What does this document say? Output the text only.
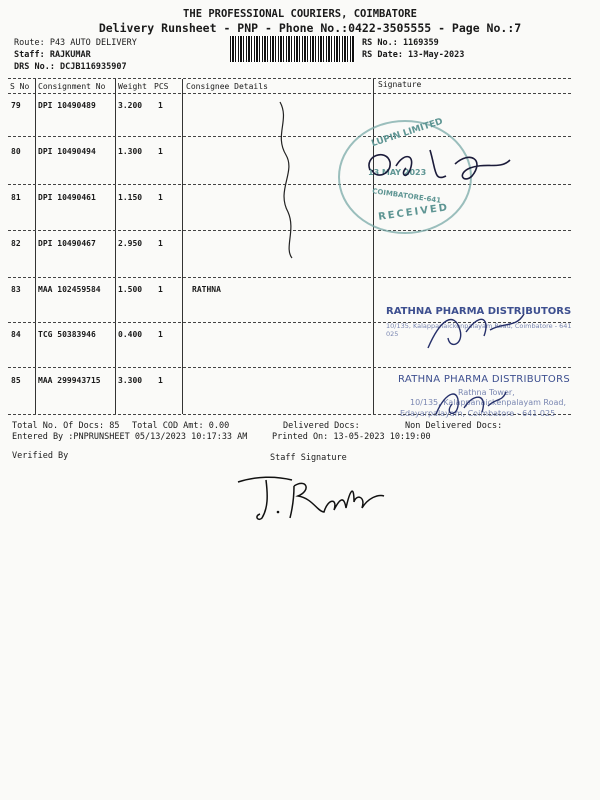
THE PROFESSIONAL COURIERS, COIMBATORE
Delivery Runsheet - PNP - Phone No.:0422-3505555 - Page No.:7
Route: P43 AUTO DELIVERY
Staff: RAJKUMAR
DRS No.: DCJB116935907
RS No.: 1169359
RS Date: 13-May-2023
S No Consignment No Weight PCS Consignee Details	Signature
79 DPI 10490489	3.200 1
80 DPI 10490494	1.300 1
81 DPI 10490461	1.150 1
82 DPI 10490467	2.950 1
83 MAA 102459584 1.500 1	RATHNA
84 TCG 50383946	0.400 1
85 MAA 299943715 3.300 1
LUPIN LIMITED
13 MAY 2023
COIMBATORE-641
RECEIVED
RATHNA PHARMA DISTRIBUTORS
10/135, Kalappanaickenpalayam Road, Coimbatore - 641 025
RATHNA PHARMA DISTRIBUTORS
Rathna Tower,
10/135, Kalappanaickenpalayam Road,
Edayarpalayam, Coimbatore - 641 025
Total No. Of Docs: 85 Total COD Amt: 0.00	Delivered Docs:	Non Delivered Docs:
Entered By :PNPRUNSHEET 05/13/2023 10:17:33 AM	Printed On: 13-05-2023 10:19:00
Verified By	Staff Signature
